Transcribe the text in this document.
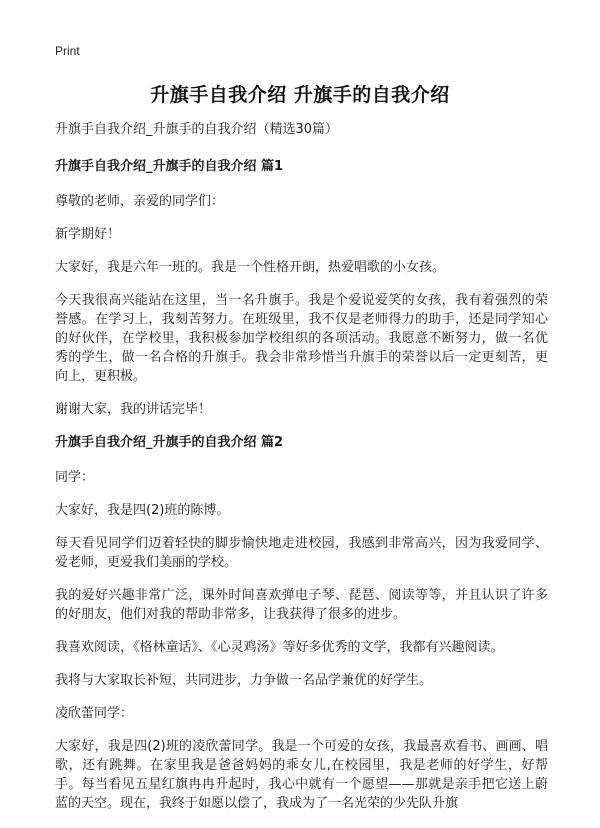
Print
升旗手自我介绍 升旗手的自我介绍
升旗手自我介绍_升旗手的自我介绍（精选30篇）
升旗手自我介绍_升旗手的自我介绍 篇1

尊敬的老师，亲爱的同学们：

新学期好！

大家好，我是六年一班的。我是一个性格开朗，热爱唱歌的小女孩。

今天我很高兴能站在这里，当一名升旗手。我是个爱说爱笑的女孩，我有着强烈的荣誉感。在学习上，我刻苦努力。在班级里，我不仅是老师得力的助手，还是同学知心的好伙伴，在学校里，我积极参加学校组织的各项活动。我愿意不断努力，做一名优秀的学生，做一名合格的升旗手。我会非常珍惜当升旗手的荣誉以后一定更刻苦，更向上，更积极。

谢谢大家，我的讲话完毕！

升旗手自我介绍_升旗手的自我介绍 篇2

同学：

大家好，我是四(2)班的陈博。

每天看见同学们迈着轻快的脚步愉快地走进校园，我感到非常高兴，因为我爱同学、爱老师，更爱我们美丽的学校。

我的爱好兴趣非常广泛，课外时间喜欢弹电子琴、琵琶、阅读等等，并且认识了许多的好朋友，他们对我的帮助非常多，让我获得了很多的进步。

我喜欢阅读，《格林童话》、《心灵鸡汤》等好多优秀的文学，我都有兴趣阅读。

我将与大家取长补短，共同进步，力争做一名品学兼优的好学生。

凌欣蕾同学：

大家好，我是四(2)班的凌欣蕾同学。我是一个可爱的女孩，我最喜欢看书、画画、唱歌，还有跳舞。在家里我是爸爸妈妈的乖女儿,在校园里，我是老师的好学生，好帮手。每当看见五星红旗冉冉升起时，我心中就有一个愿望——那就是亲手把它送上蔚蓝的天空。现在，我终于如愿以偿了，我成为了一名光荣的少先队升旗
